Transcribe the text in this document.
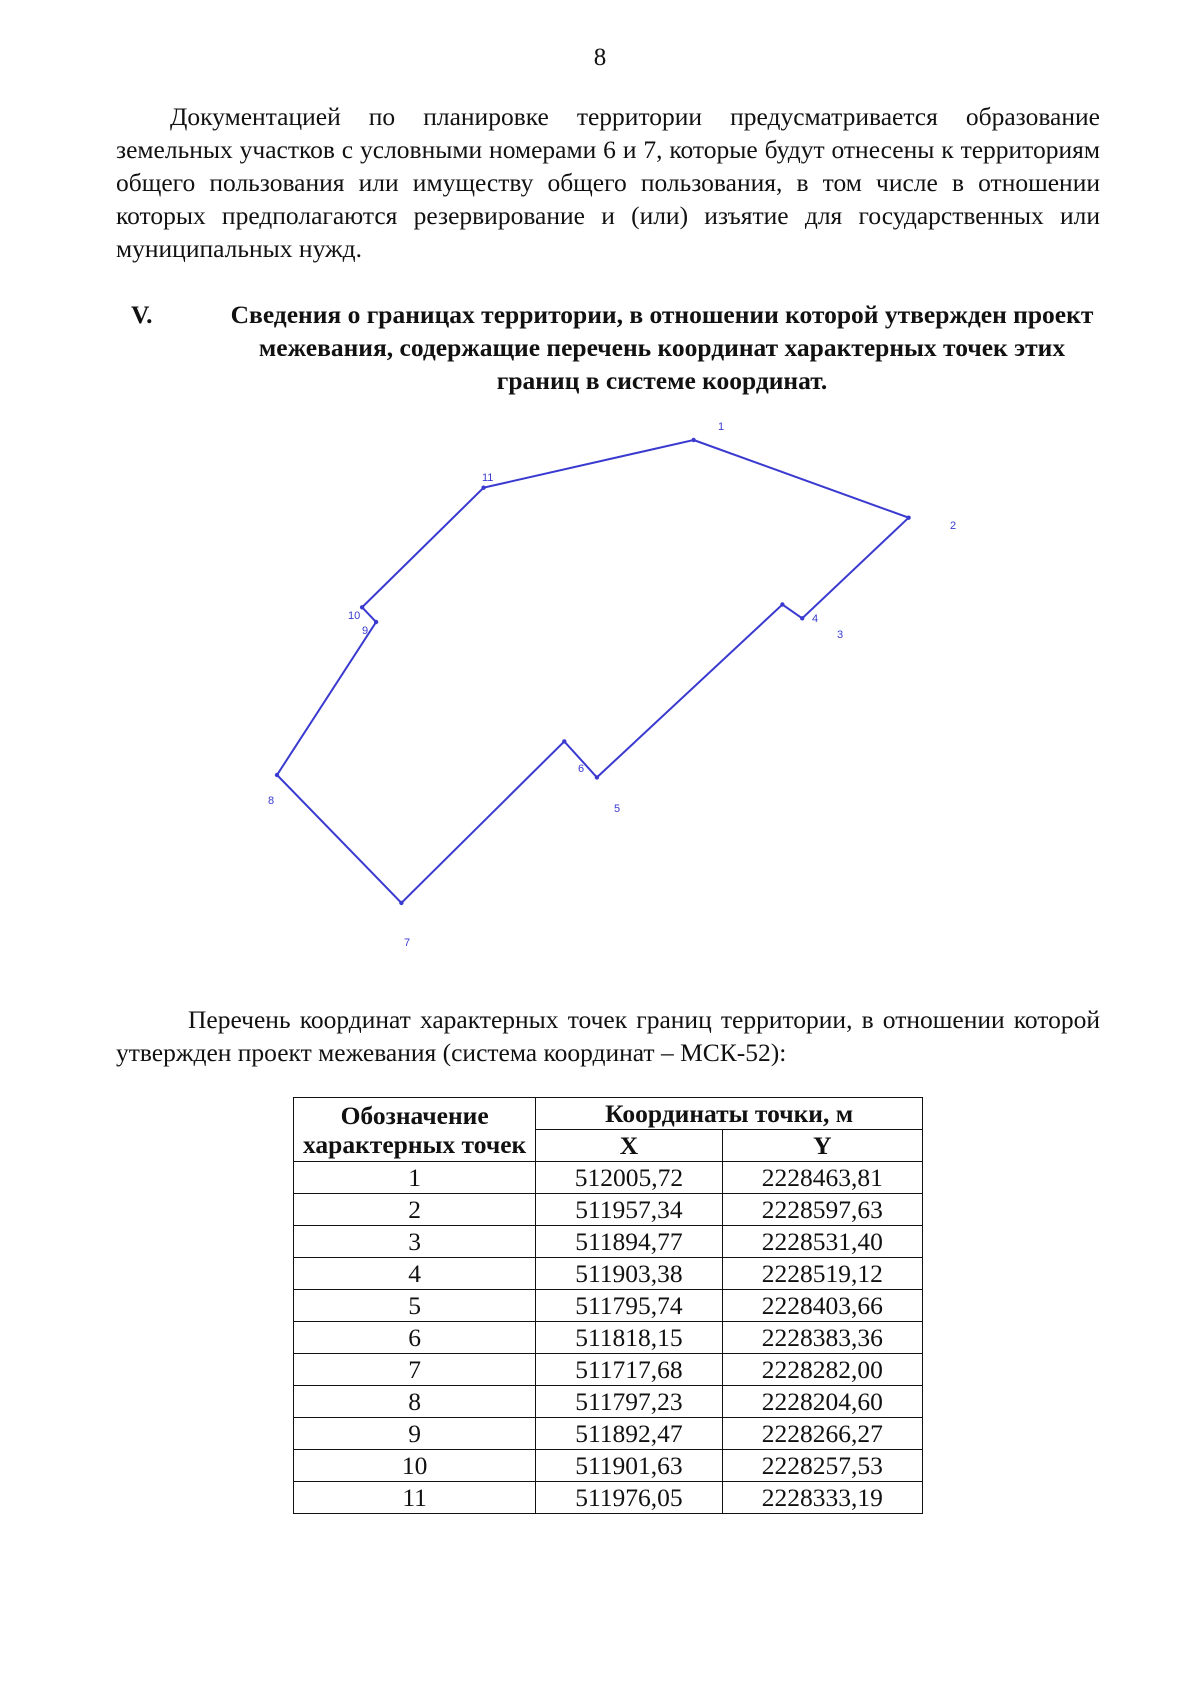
8

Документацией по планировке территории предусматривается образование земельных участков с условными номерами 6 и 7, которые будут отнесены к территориям общего пользования или имуществу общего пользования, в том числе в отношении которых предполагаются резервирование и (или) изъятие для государственных или муниципальных нужд.

V.	Сведения о границах территории, в отношении которой утвержден проект межевания, содержащие перечень координат характерных точек этих границ в системе координат.

1
2
3
4
5
6
7
8
9
10
11

Перечень координат характерных точек границ территории, в отношении которой утвержден проект межевания (система координат – МСК-52):

Обозначение характерных точек	Координаты точки, м	
	X	Y
1	512005,72	2228463,81
2	511957,34	2228597,63
3	511894,77	2228531,40
4	511903,38	2228519,12
5	511795,74	2228403,66
6	511818,15	2228383,36
7	511717,68	2228282,00
8	511797,23	2228204,60
9	511892,47	2228266,27
10	511901,63	2228257,53
11	511976,05	2228333,19
